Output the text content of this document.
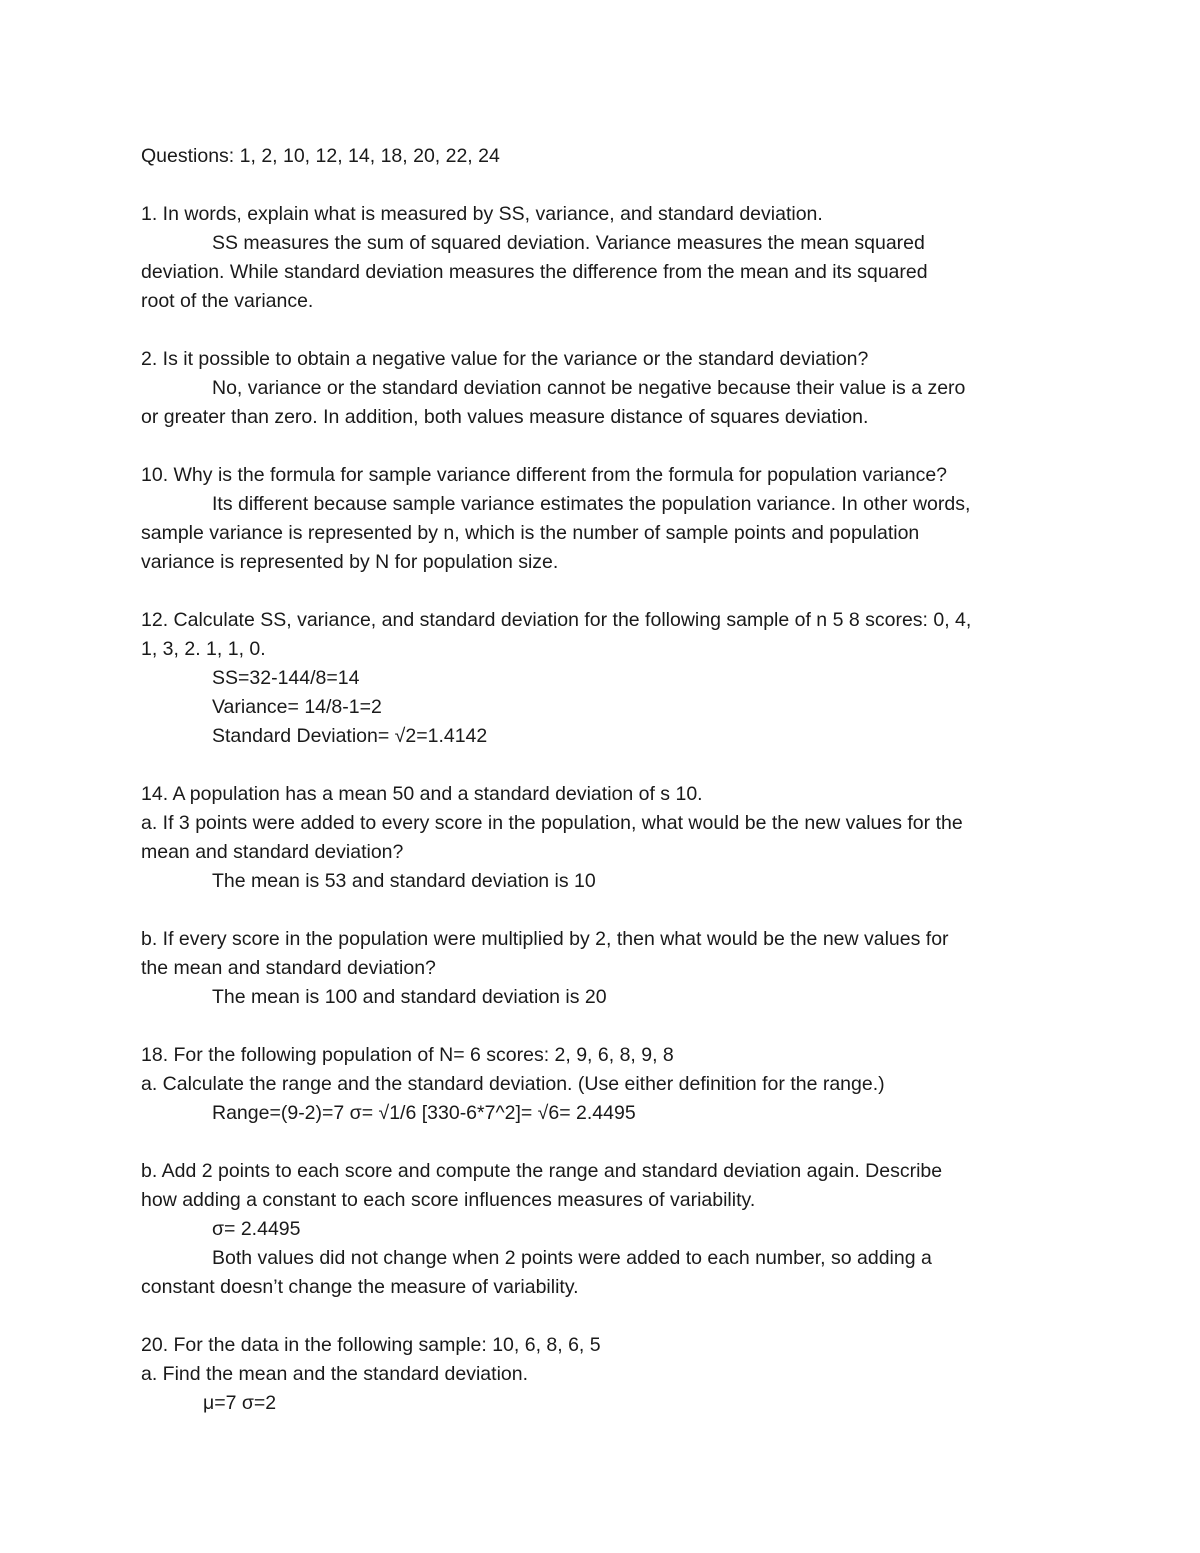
Questions: 1, 2, 10, 12, 14, 18, 20, 22, 24
1. In words, explain what is measured by SS, variance, and standard deviation.
SS measures the sum of squared deviation. Variance measures the mean squared
deviation. While standard deviation measures the difference from the mean and its squared
root of the variance.
2. Is it possible to obtain a negative value for the variance or the standard deviation?
No, variance or the standard deviation cannot be negative because their value is a zero
or greater than zero. In addition, both values measure distance of squares deviation.
10. Why is the formula for sample variance different from the formula for population variance?
Its different because sample variance estimates the population variance. In other words,
sample variance is represented by n, which is the number of sample points and population
variance is represented by N for population size.
12. Calculate SS, variance, and standard deviation for the following sample of n 5 8 scores: 0, 4,
1, 3, 2. 1, 1, 0.
SS=32-144/8=14
Variance= 14/8-1=2
Standard Deviation= √2=1.4142
14. A population has a mean 50 and a standard deviation of s 10.
a. If 3 points were added to every score in the population, what would be the new values for the
mean and standard deviation?
The mean is 53 and standard deviation is 10
b. If every score in the population were multiplied by 2, then what would be the new values for
the mean and standard deviation?
The mean is 100 and standard deviation is 20
18. For the following population of N= 6 scores: 2, 9, 6, 8, 9, 8
a. Calculate the range and the standard deviation. (Use either definition for the range.)
Range=(9-2)=7 σ= √1/6 [330-6*7^2]= √6= 2.4495
b. Add 2 points to each score and compute the range and standard deviation again. Describe
how adding a constant to each score influences measures of variability.
σ= 2.4495
Both values did not change when 2 points were added to each number, so adding a
constant doesn’t change the measure of variability.
20. For the data in the following sample: 10, 6, 8, 6, 5
a. Find the mean and the standard deviation.
μ=7 σ=2
